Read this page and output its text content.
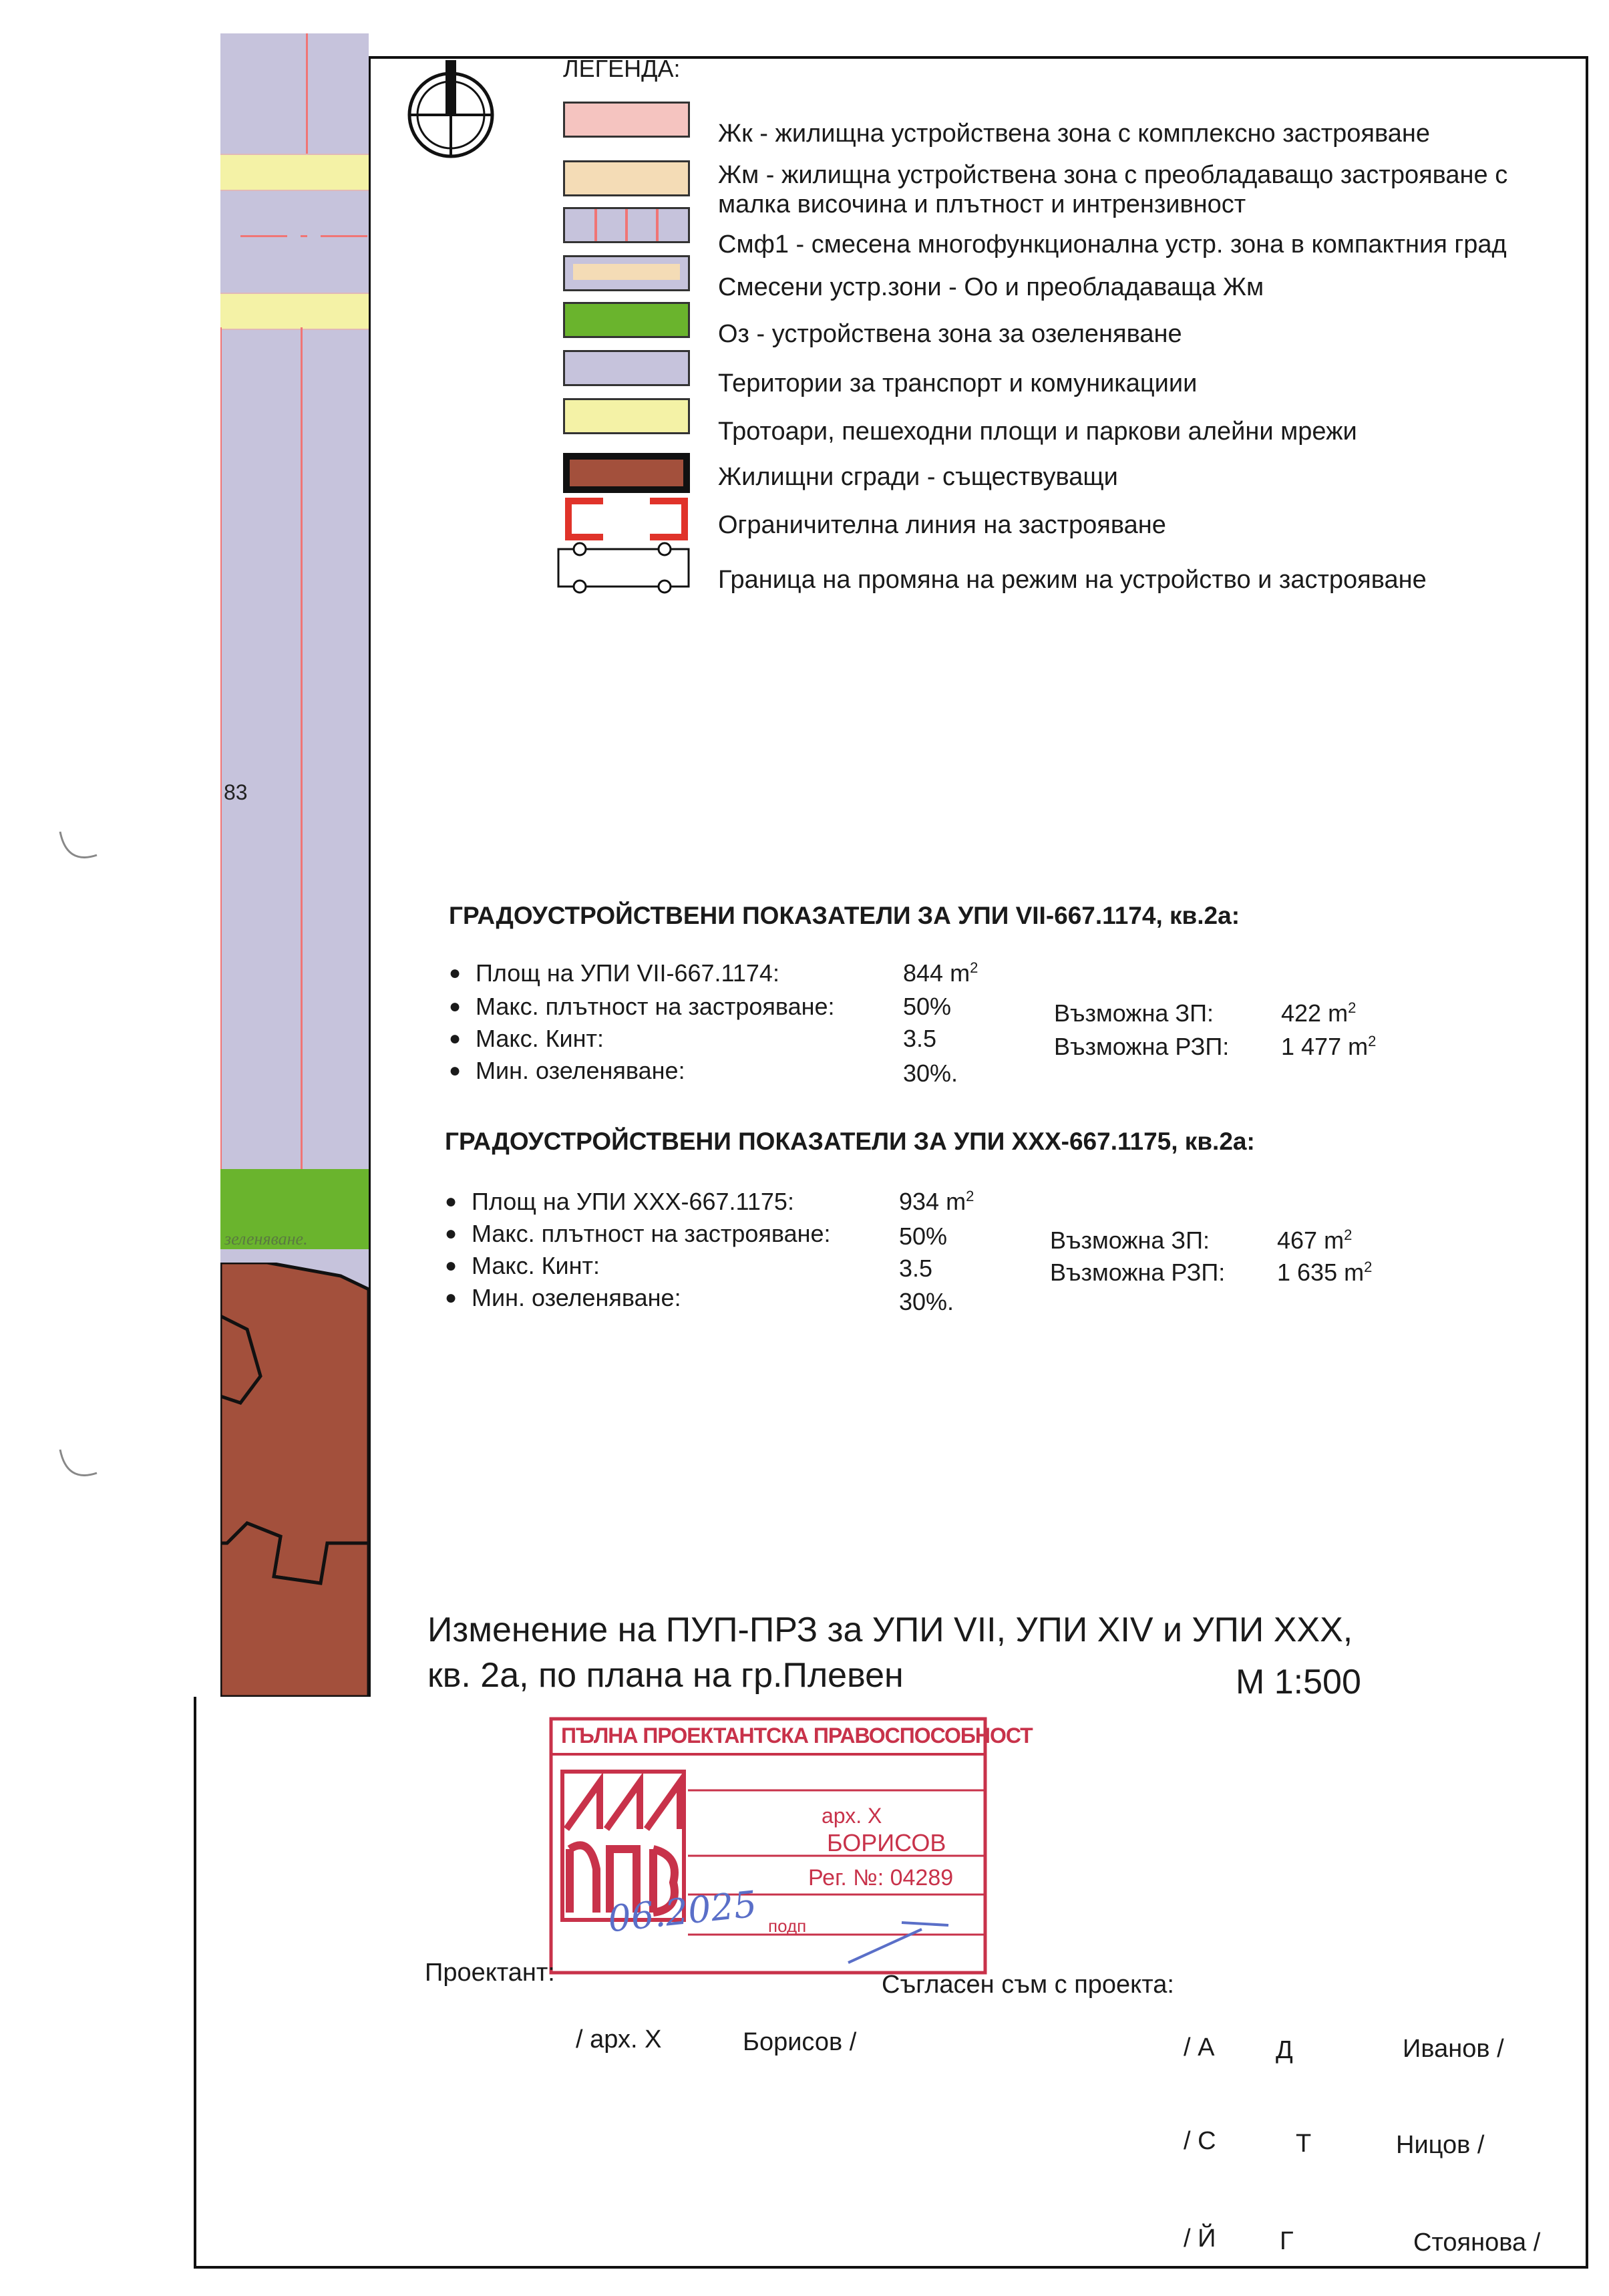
83
зеленяване.
ЛЕГЕНДА:
Жк - жилищна устройствена зона с комплексно застрояване
Жм - жилищна устройствена зона с преобладаващо застрояване с
малка височина и плътност и интрензивност
Смф1 - смесена многофункционална устр. зона в компактния град
Смесени устр.зони - Оо и преобладаваща Жм
Оз - устройствена зона за озеленяване
Територии за транспорт и комуникациии
Тротоари, пешеходни площи и паркови алейни мрежи
Жилищни сгради - съществуващи
Ограничителна линия на застрояване
Граница на промяна на режим на устройство и застрояване
ГРАДОУСТРОЙСТВЕНИ ПОКАЗАТЕЛИ ЗА УПИ VII-667.1174, кв.2а:
● Площ на УПИ VII-667.1174:	844 $m^2$
● Макс. плътност на застрояване:	50%	Възможна ЗП:	422 $m^2$
● Макс. Кинт:	3.5	Възможна РЗП: 1 477 $m^2$
● Мин. озеленяване:	30%.
ГРАДОУСТРОЙСТВЕНИ ПОКАЗАТЕЛИ ЗА УПИ ХХХ-667.1175, кв.2а:
● Площ на УПИ ХХХ-667.1175:	934 $m^2$
● Макс. плътност на застрояване:	50%	Възможна ЗП:	467 $m^2$
● Макс. Кинт:	3.5	Възможна РЗП: 1 635 $m^2$
● Мин. озеленяване:	30%.
Изменение на ПУП-ПРЗ за УПИ VII, УПИ XIV и УПИ ХХХ,
кв. 2а, по плана на гр.Плевен	М 1:500
ПЪЛНА ПРОЕКТАНТСКА ПРАВОСПОСОБНОСТ
арх. Х
БОРИСОВ
Рег. №: 04289
подп
06.2025
Проектант:	Съгласен съм с проекта:
/ арх. Х	Борисов /	/ А Д	Иванов /
/ С	Т	Ницов /
/ Й	Г	Стоянова /
